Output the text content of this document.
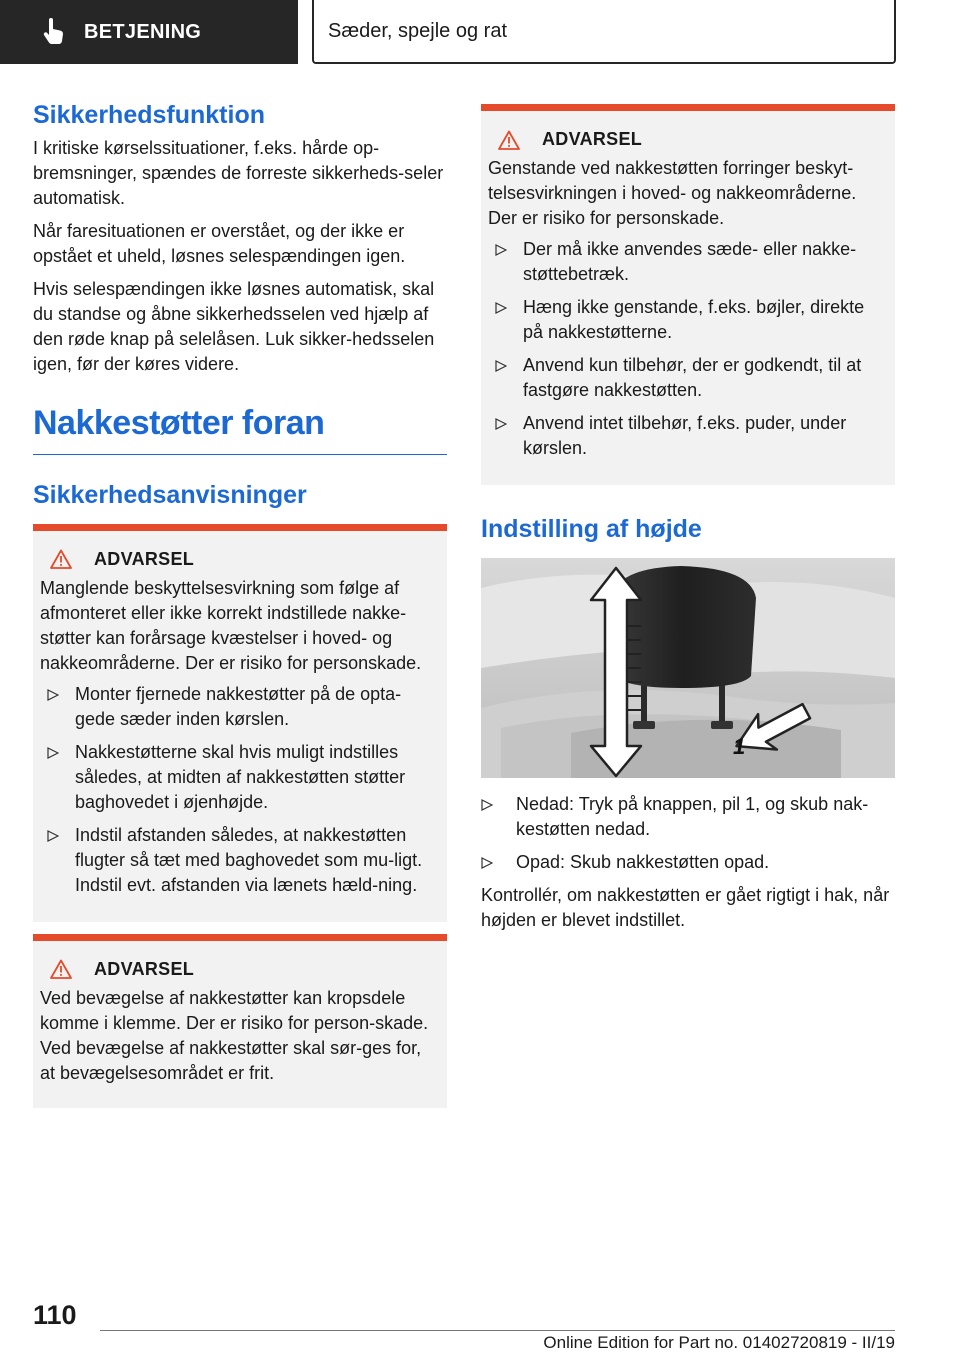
BETJENING	Sæder, spejle og rat
Sikkerhedsfunktion

I kritiske kørselssituationer, f.eks. hårde op-bremsninger, spændes de forreste sikkerheds-seler automatisk.

Når faresituationen er overstået, og der ikke er opstået et uheld, løsnes selespændingen igen.

Hvis selespændingen ikke løsnes automatisk, skal du standse og åbne sikkerhedsselen ved hjælp af den røde knap på selelåsen. Luk sikker-hedsselen igen, før der køres videre.

Nakkestøtter foran
Sikkerhedsanvisninger
ADVARSEL

Manglende beskyttelsesvirkning som følge af afmonteret eller ikke korrekt indstillede nakke-støtter kan forårsage kvæstelser i hoved- og nakkeområderne. Der er risiko for personskade.

Monter fjernede nakkestøtter på de opta-gede sæder inden kørslen.
Nakkestøtterne skal hvis muligt indstilles således, at midten af nakkestøtten støtter baghovedet i øjenhøjde.
Indstil afstanden således, at nakkestøtten flugter så tæt med baghovedet som mu-ligt. Indstil evt. afstanden via lænets hæld-ning.
ADVARSEL

Ved bevægelse af nakkestøtter kan kropsdele komme i klemme. Der er risiko for person-skade. Ved bevægelse af nakkestøtter skal sør-ges for, at bevægelsesområdet er frit.

ADVARSEL

Genstande ved nakkestøtten forringer beskyt-telsesvirkningen i hoved- og nakkeområderne. Der er risiko for personskade.

Der må ikke anvendes sæde- eller nakke-støttebetræk.
Hæng ikke genstande, f.eks. bøjler, direkte på nakkestøtterne.
Anvend kun tilbehør, der er godkendt, til at fastgøre nakkestøtten.
Anvend intet tilbehør, f.eks. puder, under kørslen.
Indstilling af højde
1
Nedad: Tryk på knappen, pil 1, og skub nak-kestøtten nedad.
Opad: Skub nakkestøtten opad.

Kontrollér, om nakkestøtten er gået rigtigt i hak, når højden er blevet indstillet.

110
Online Edition for Part no. 01402720819 - II/19
